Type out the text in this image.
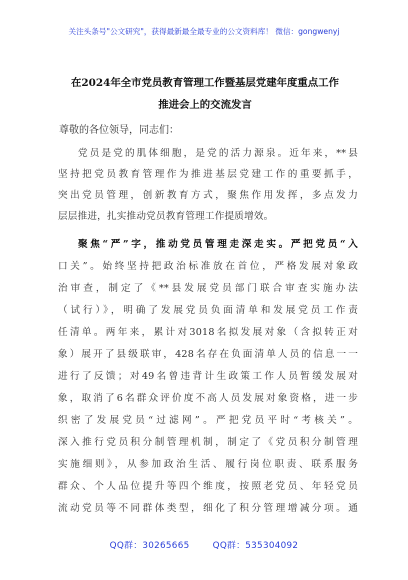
关注头条号"公文研究"，获得最新最全最专业的公文资料库！ 微信：gongwenyj
在2024年全市党员教育管理工作暨基层党建年度重点工作
推进会上的交流发言
尊敬的各位领导，同志们：
党员是党的肌体细胞，是党的活力源泉。近年来，**县
坚持把党员教育管理作为推进基层党建工作的重要抓手，
突出党员管理，创新教育方式，聚焦作用发挥，多点发力
层层推进，扎实推动党员教育管理工作提质增效。
聚焦“严”字，推动党员管理走深走实。严把党员“入
口关”。始终坚持把政治标准放在首位，严格发展对象政
治审查，制定了《**县发展党员部门联合审查实施办法
（试行）》，明确了发展党员负面清单和发展党员工作责
任清单。两年来，累计对3018名拟发展对象（含拟转正对
象）展开了县级联审，428名存在负面清单人员的信息一一
进行了反馈；对49名曾违背计生政策工作人员暂缓发展对
象，取消了6名群众评价度不高人员发展对象资格，进一步
织密了发展党员“过滤网”。严把党员平时“考核关”。
深入推行党员积分制管理机制，制定了《党员积分制管理
实施细则》，从参加政治生活、履行岗位职责、联系服务
群众、个人品位提升等四个维度，按照老党员、年轻党员
流动党员等不同群体类型，细化了积分管理增减分项。通
QQ群：30265665	QQ群：535304092
